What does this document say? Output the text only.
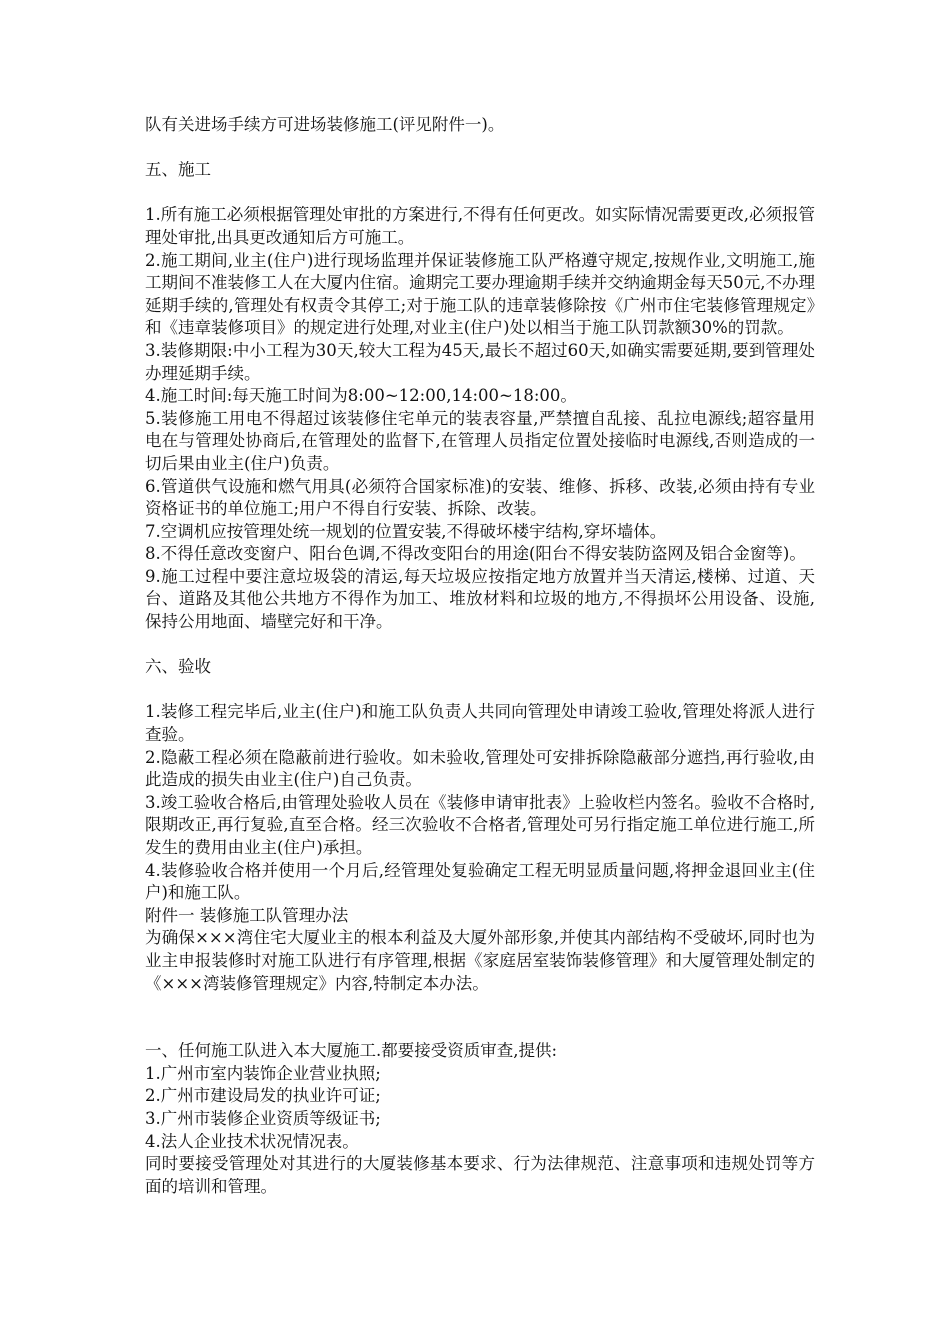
队有关进场手续方可进场装修施工(评见附件一)。

五、施工

1.所有施工必须根据管理处审批的方案进行,不得有任何更改。如实际情况需要更改,必须报管理处审批,出具更改通知后方可施工。

2.施工期间,业主(住户)进行现场监理并保证装修施工队严格遵守规定,按规作业,文明施工,施工期间不准装修工人在大厦内住宿。逾期完工要办理逾期手续并交纳逾期金每天50元,不办理延期手续的,管理处有权责令其停工;对于施工队的违章装修除按《广州市住宅装修管理规定》和《违章装修项目》的规定进行处理,对业主(住户)处以相当于施工队罚款额30%的罚款。

3.装修期限:中小工程为30天,较大工程为45天,最长不超过60天,如确实需要延期,要到管理处办理延期手续。

4.施工时间:每天施工时间为8:00~12:00,14:00~18:00。

5.装修施工用电不得超过该装修住宅单元的装表容量,严禁擅自乱接、乱拉电源线;超容量用电在与管理处协商后,在管理处的监督下,在管理人员指定位置处接临时电源线,否则造成的一切后果由业主(住户)负责。

6.管道供气设施和燃气用具(必须符合国家标准)的安装、维修、拆移、改装,必须由持有专业资格证书的单位施工;用户不得自行安装、拆除、改装。

7.空调机应按管理处统一规划的位置安装,不得破坏楼宇结构,穿坏墙体。

8.不得任意改变窗户、阳台色调,不得改变阳台的用途(阳台不得安装防盗网及铝合金窗等)。

9.施工过程中要注意垃圾袋的清运,每天垃圾应按指定地方放置并当天清运,楼梯、过道、天台、道路及其他公共地方不得作为加工、堆放材料和垃圾的地方,不得损坏公用设备、设施,保持公用地面、墙壁完好和干净。

六、验收

1.装修工程完毕后,业主(住户)和施工队负责人共同向管理处申请竣工验收,管理处将派人进行查验。

2.隐蔽工程必须在隐蔽前进行验收。如未验收,管理处可安排拆除隐蔽部分遮挡,再行验收,由此造成的损失由业主(住户)自己负责。

3.竣工验收合格后,由管理处验收人员在《装修申请审批表》上验收栏内签名。验收不合格时,限期改正,再行复验,直至合格。经三次验收不合格者,管理处可另行指定施工单位进行施工,所发生的费用由业主(住户)承担。

4.装修验收合格并使用一个月后,经管理处复验确定工程无明显质量问题,将押金退回业主(住户)和施工队。

附件一 装修施工队管理办法

为确保×××湾住宅大厦业主的根本利益及大厦外部形象,并使其内部结构不受破坏,同时也为业主申报装修时对施工队进行有序管理,根据《家庭居室装饰装修管理》和大厦管理处制定的《×××湾装修管理规定》内容,特制定本办法。

一、任何施工队进入本大厦施工.都要接受资质审查,提供:

1.广州市室内装饰企业营业执照;

2.广州市建设局发的执业许可证;

3.广州市装修企业资质等级证书;

4.法人企业技术状况情况表。

同时要接受管理处对其进行的大厦装修基本要求、行为法律规范、注意事项和违规处罚等方面的培训和管理。
